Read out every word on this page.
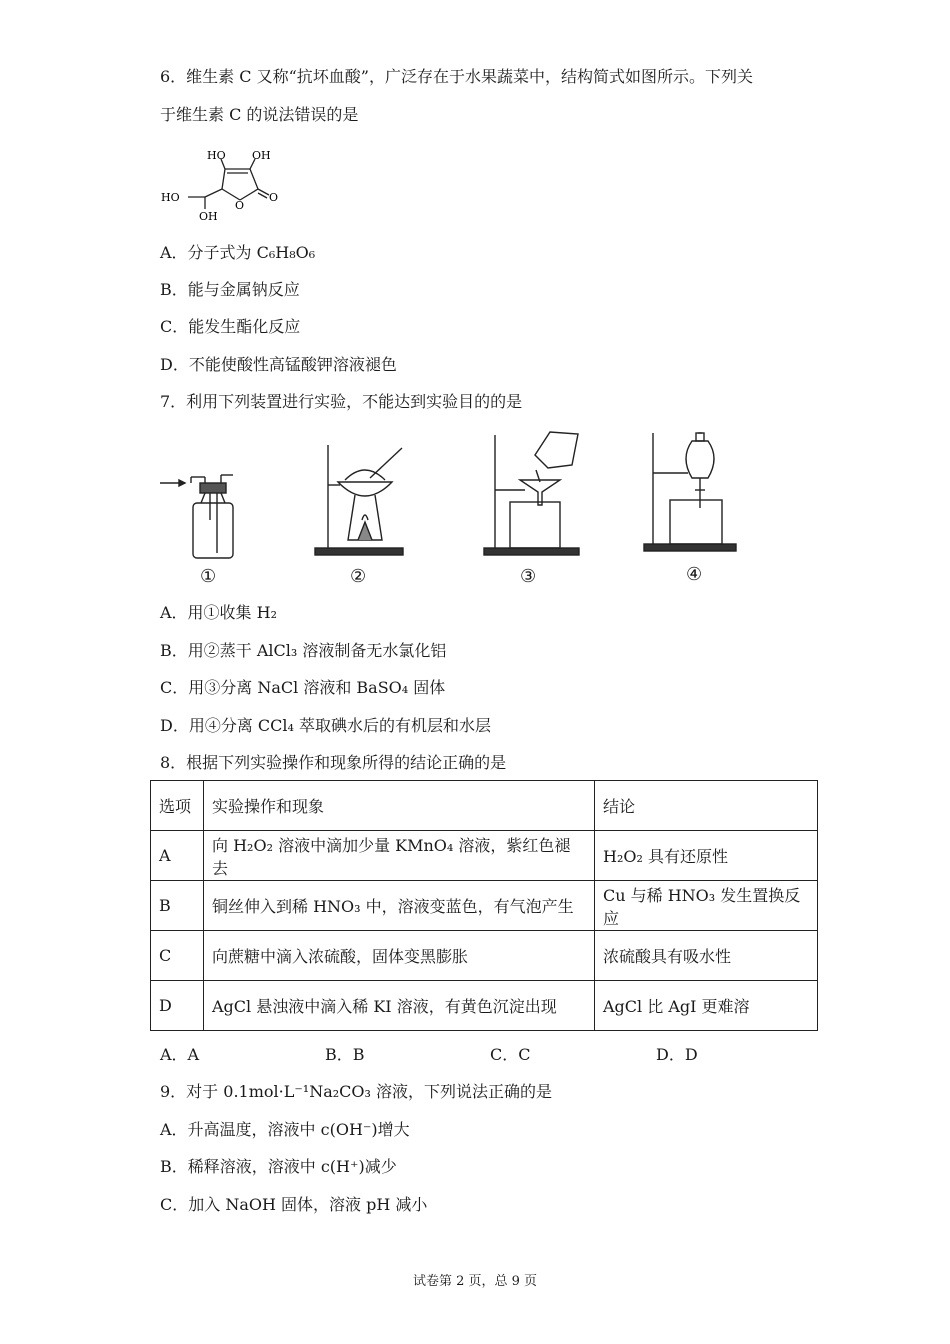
6．维生素 C 又称“抗坏血酸”，广泛存在于水果蔬菜中，结构简式如图所示。下列关
于维生素 C 的说法错误的是
HO OH
HO
OH
O
O
A．分子式为 C₆H₈O₆
B．能与金属钠反应
C．能发生酯化反应
D．不能使酸性高锰酸钾溶液褪色
7．利用下列装置进行实验，不能达到实验目的的是
①	②	③	④
A．用①收集 H₂
B．用②蒸干 AlCl₃ 溶液制备无水氯化铝
C．用③分离 NaCl 溶液和 BaSO₄ 固体
D．用④分离 CCl₄ 萃取碘水后的有机层和水层
8．根据下列实验操作和现象所得的结论正确的是
选项	实验操作和现象	结论
A	向 H₂O₂ 溶液中滴加少量 KMnO₄ 溶液，紫红色褪去	H₂O₂ 具有还原性
B	铜丝伸入到稀 HNO₃ 中，溶液变蓝色，有气泡产生	Cu 与稀 HNO₃ 发生置换反应
C	向蔗糖中滴入浓硫酸，固体变黑膨胀	浓硫酸具有吸水性
D	AgCl 悬浊液中滴入稀 KI 溶液，有黄色沉淀出现	AgCl 比 AgI 更难溶
A．A	B．B	C．C	D．D
9．对于 0.1mol·L⁻¹Na₂CO₃ 溶液，下列说法正确的是
A．升高温度，溶液中 c(OH⁻)增大
B．稀释溶液，溶液中 c(H⁺)减少
C．加入 NaOH 固体，溶液 pH 减小
试卷第 2 页，总 9 页
